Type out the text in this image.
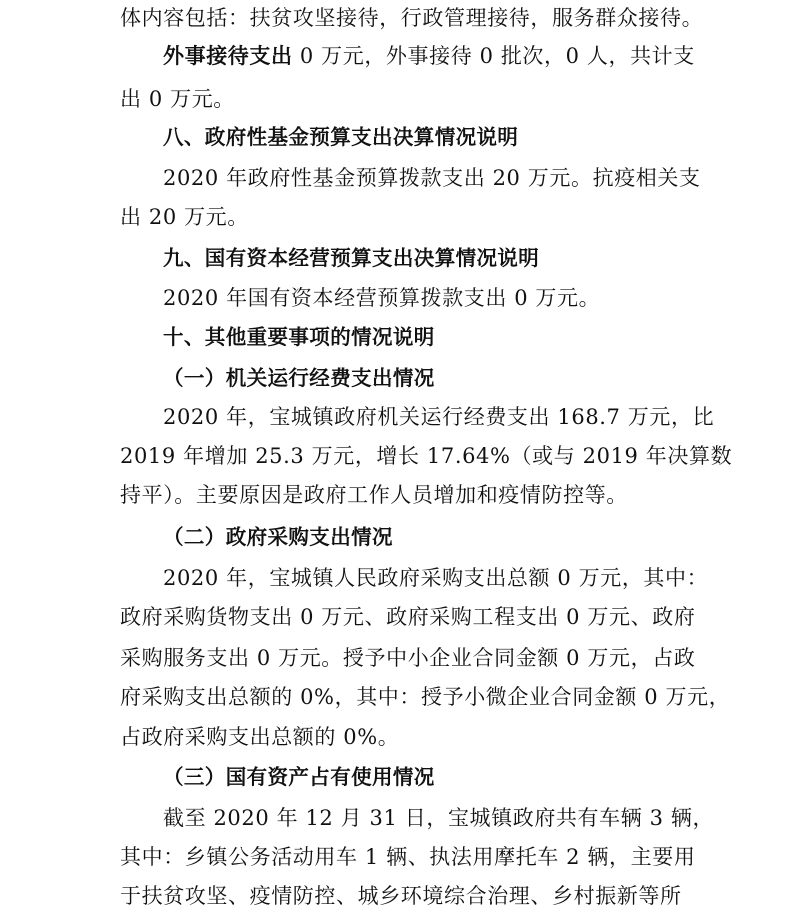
体内容包括：扶贫攻坚接待，行政管理接待，服务群众接待。
外事接待支出 0 万元，外事接待 0 批次，0 人，共计支
出 0 万元。
八、政府性基金预算支出决算情况说明
2020 年政府性基金预算拨款支出 20 万元。抗疫相关支
出 20 万元。
九、国有资本经营预算支出决算情况说明
2020 年国有资本经营预算拨款支出 0 万元。
十、其他重要事项的情况说明
（一）机关运行经费支出情况
2020 年，宝城镇政府机关运行经费支出 168.7 万元，比
2019 年增加 25.3 万元，增长 17.64%（或与 2019 年决算数
持平）。主要原因是政府工作人员增加和疫情防控等。
（二）政府采购支出情况
2020 年，宝城镇人民政府采购支出总额 0 万元，其中：
政府采购货物支出 0 万元、政府采购工程支出 0 万元、政府
采购服务支出 0 万元。授予中小企业合同金额 0 万元，占政
府采购支出总额的 0%，其中：授予小微企业合同金额 0 万元，
占政府采购支出总额的 0%。
（三）国有资产占有使用情况
截至 2020 年 12 月 31 日，宝城镇政府共有车辆 3 辆，
其中：乡镇公务活动用车 1 辆、执法用摩托车 2 辆，主要用
于扶贫攻坚、疫情防控、城乡环境综合治理、乡村振新等所
